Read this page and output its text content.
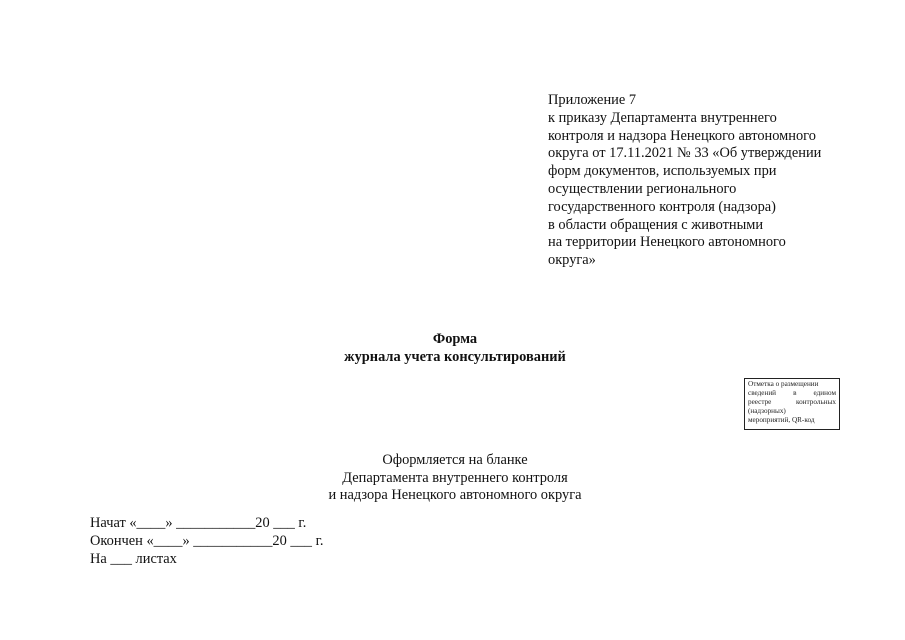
Приложение 7
к приказу Департамента внутреннего
контроля и надзора Ненецкого автономного
округа от 17.11.2021 № 33 «Об утверждении
форм документов, используемых при
осуществлении регионального
государственного контроля (надзора)
в области обращения с животными
на территории Ненецкого автономного
округа»
Форма
журнала учета консультирований
Отметка о размещении
сведений в едином
реестре контрольных
(надзорных)
мероприятий, QR-код
Оформляется на бланке
Департамента внутреннего контроля
и надзора Ненецкого автономного округа
Начат «____» ___________20 ___ г.
Окончен «____» ___________20 ___ г.
На ___ листах
